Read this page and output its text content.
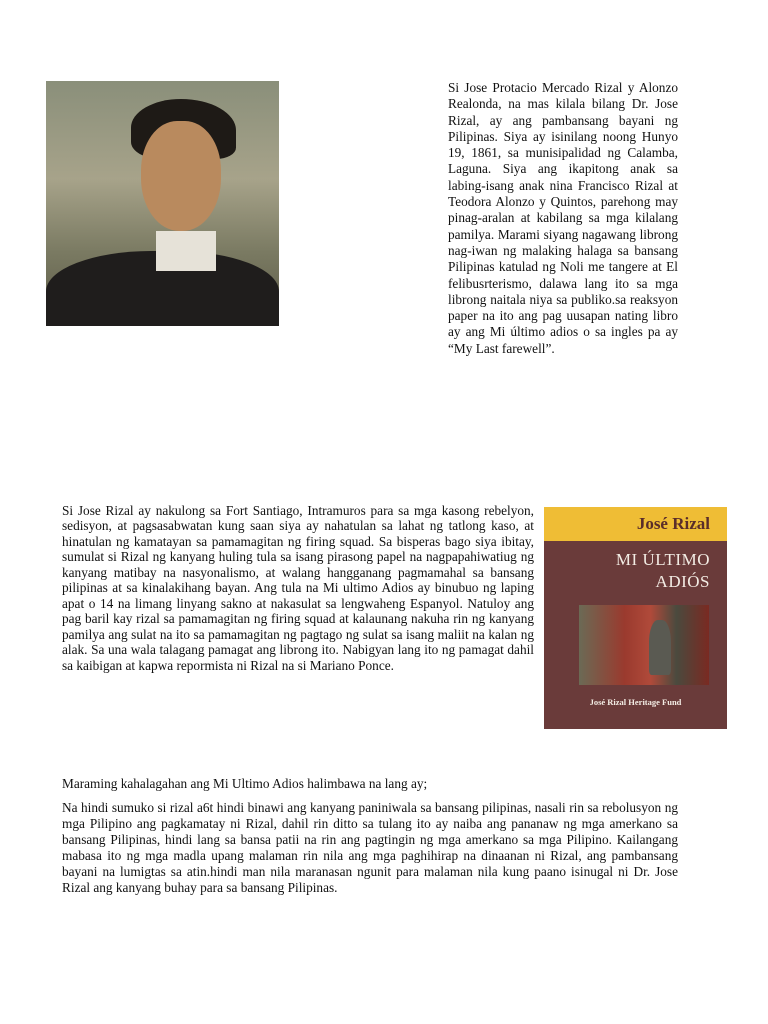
Si Jose Protacio Mercado Rizal y Alonzo Realonda, na mas kilala bilang Dr. Jose Rizal, ay ang pambansang bayani ng Pilipinas. Siya ay isinilang noong Hunyo 19, 1861, sa munisipalidad ng Calamba, Laguna. Siya ang ikapitong anak sa labing-isang anak nina Francisco Rizal at Teodora Alonzo y Quintos, parehong may pinag-aralan at kabilang sa mga kilalang pamilya. Marami siyang nagawang librong nag-iwan ng malaking halaga sa bansang Pilipinas katulad ng Noli me tangere at El felibusrterismo, dalawa lang ito sa mga librong naitala niya sa publiko.sa reaksyon paper na ito ang pag uusapan nating libro ay ang Mi último adios o sa ingles pa ay “My Last farewell”.

Si Jose Rizal ay nakulong sa Fort Santiago, Intramuros para sa mga kasong rebelyon, sedisyon, at pagsasabwatan kung saan siya ay nahatulan sa lahat ng tatlong kaso, at hinatulan ng kamatayan sa pamamagitan ng firing squad. Sa bisperas bago siya ibitay, sumulat si Rizal ng kanyang huling tula sa isang pirasong papel na nagpapahiwatiug ng kanyang matibay na nasyonalismo, at walang hangganang pagmamahal sa bansang pilipinas at sa kinalakihang bayan. Ang tula na Mi ultimo Adios ay binubuo ng laping apat o 14 na limang linyang sakno at nakasulat sa lengwaheng Espanyol. Natuloy ang pag baril kay rizal sa pamamagitan ng firing squad at kalaunang nakuha rin ng kanyang pamilya ang sulat na ito sa pamamagitan ng pagtago ng sulat sa isang maliit na kalan ng alak. Sa una wala talagang pamagat ang librong ito. Nabigyan lang ito ng pamagat dahil sa kaibigan at kapwa repormista ni Rizal na si Mariano Ponce.

José Rizal
MI ÚLTIMO
ADIÓS
José Rizal Heritage Fund

Maraming kahalagahan ang Mi Ultimo Adios halimbawa na lang ay;

Na hindi sumuko si rizal a6t hindi binawi ang kanyang paniniwala sa bansang pilipinas, nasali rin sa rebolusyon ng mga Pilipino ang pagkamatay ni Rizal, dahil rin ditto sa tulang ito ay naiba ang pananaw ng mga amerkano sa bansang Pilipinas, hindi lang sa bansa patii na rin ang pagtingin ng mga amerkano sa mga Pilipino. Kailangang mabasa ito ng mga madla upang malaman rin nila ang mga paghihirap na dinaanan ni Rizal, ang pambansang bayani na lumigtas sa atin.hindi man nila maranasan ngunit para malaman nila kung paano isinugal ni Dr. Jose Rizal ang kanyang buhay para sa bansang Pilipinas.
